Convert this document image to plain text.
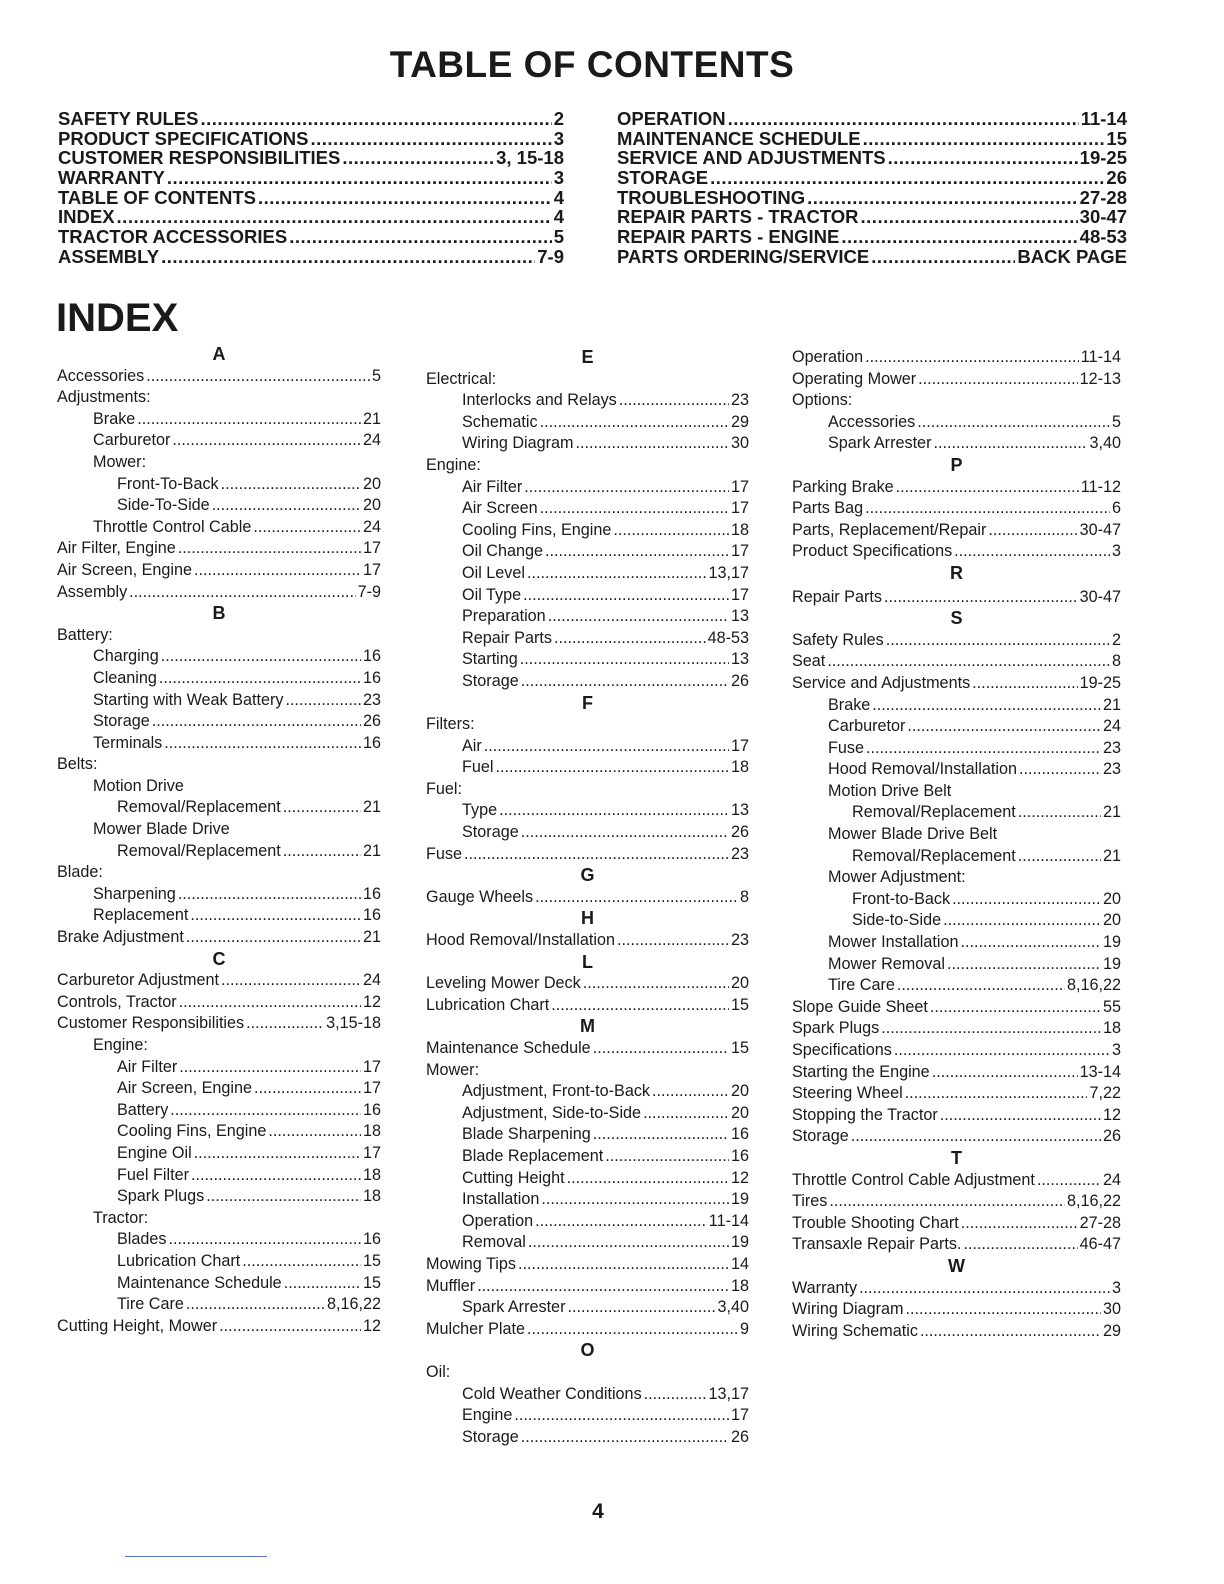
TABLE OF CONTENTS
SAFETY RULES .....	2
PRODUCT SPECIFICATIONS .....	3
CUSTOMER RESPONSIBILITIES .....	3, 15-18
WARRANTY .....	3
TABLE OF CONTENTS .....	4
INDEX .....	4
TRACTOR ACCESSORIES .....	5
ASSEMBLY .....	7-9
OPERATION .....	11-14
MAINTENANCE SCHEDULE .....	15
SERVICE AND ADJUSTMENTS .....	19-25
STORAGE .....	26
TROUBLESHOOTING .....	27-28
REPAIR PARTS - TRACTOR .....	30-47
REPAIR PARTS - ENGINE .....	48-53
PARTS ORDERING/SERVICE .....	BACK PAGE
INDEX
A
Accessories .....	5
Adjustments:
Brake .....	21
Carburetor .....	24
Mower:
Front-To-Back .....	20
Side-To-Side .....	20
Throttle Control Cable .....	24
Air Filter, Engine .....	17
Air Screen, Engine .....	17
Assembly .....	7-9
B
Battery:
Charging .....	16
Cleaning .....	16
Starting with Weak Battery .....	23
Storage .....	26
Terminals .....	16
Belts:
Motion Drive
Removal/Replacement .....	21
Mower Blade Drive
Removal/Replacement .....	21
Blade:
Sharpening .....	16
Replacement .....	16
Brake Adjustment .....	21
C
Carburetor Adjustment .....	24
Controls, Tractor .....	12
Customer Responsibilities .....	3,15-18
Engine:
Air Filter .....	17
Air Screen, Engine .....	17
Battery .....	16
Cooling Fins, Engine .....	18
Engine Oil .....	17
Fuel Filter .....	18
Spark Plugs .....	18
Tractor:
Blades .....	16
Lubrication Chart .....	15
Maintenance Schedule .....	15
Tire Care .....	8,16,22
Cutting Height, Mower .....	12
E
Electrical:
Interlocks and Relays .....	23
Schematic .....	29
Wiring Diagram .....	30
Engine:
Air Filter .....	17
Air Screen .....	17
Cooling Fins, Engine .....	18
Oil Change .....	17
Oil Level .....	13,17
Oil Type .....	17
Preparation .....	13
Repair Parts .....	48-53
Starting .....	13
Storage .....	26
F
Filters:
Air .....	17
Fuel .....	18
Fuel:
Type .....	13
Storage .....	26
Fuse .....	23
G
Gauge Wheels .....	8
H
Hood Removal/Installation .....	23
L
Leveling Mower Deck .....	20
Lubrication Chart .....	15
M
Maintenance Schedule .....	15
Mower:
Adjustment, Front-to-Back .....	20
Adjustment, Side-to-Side .....	20
Blade Sharpening .....	16
Blade Replacement .....	16
Cutting Height .....	12
Installation .....	19
Operation .....	11-14
Removal .....	19
Mowing Tips .....	14
Muffler .....	18
Spark Arrester .....	3,40
Mulcher Plate .....	9
O
Oil:
Cold Weather Conditions .....	13,17
Engine .....	17
Storage .....	26
Operation .....	11-14
Operating Mower .....	12-13
Options:
Accessories .....	5
Spark Arrester .....	3,40
P
Parking Brake .....	11-12
Parts Bag .....	6
Parts, Replacement/Repair .....	30-47
Product Specifications .....	3
R
Repair Parts .....	30-47
S
Safety Rules .....	2
Seat .....	8
Service and Adjustments .....	19-25
Brake .....	21
Carburetor .....	24
Fuse .....	23
Hood Removal/Installation .....	23
Motion Drive Belt
Removal/Replacement .....	21
Mower Blade Drive Belt
Removal/Replacement .....	21
Mower Adjustment:
Front-to-Back .....	20
Side-to-Side .....	20
Mower Installation .....	19
Mower Removal .....	19
Tire Care .....	8,16,22
Slope Guide Sheet .....	55
Spark Plugs .....	18
Specifications .....	3
Starting the Engine .....	13-14
Steering Wheel .....	7,22
Stopping the Tractor .....	12
Storage .....	26
T
Throttle Control Cable Adjustment .....	24
Tires .....	8,16,22
Trouble Shooting Chart .....	27-28
Transaxle Repair Parts. .....	46-47
W
Warranty .....	3
Wiring Diagram .....	30
Wiring Schematic .....	29
4
